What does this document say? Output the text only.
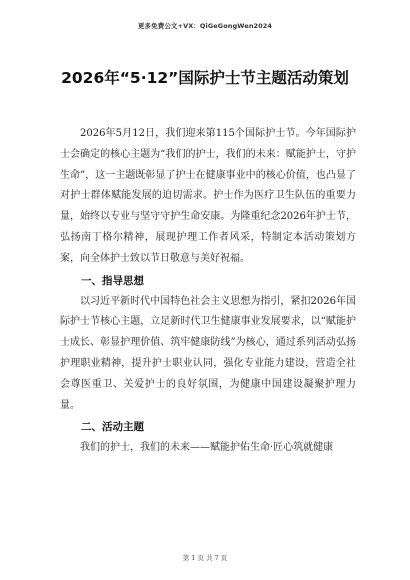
更多免费公文+VX：QiGeGongWen2024
2026年“5·12”国际护士节主题活动策划

2026年5月12日，我们迎来第115个国际护士节。今年国际护士会确定的核心主题为“我们的护士，我们的未来：赋能护士，守护生命”，这一主题既彰显了护士在健康事业中的核心价值，也凸显了对护士群体赋能发展的迫切需求。护士作为医疗卫生队伍的重要力量，始终以专业与坚守守护生命安康。为隆重纪念2026年护士节，弘扬南丁格尔精神，展现护理工作者风采，特制定本活动策划方案，向全体护士致以节日敬意与美好祝福。

一、指导思想

以习近平新时代中国特色社会主义思想为指引，紧扣2026年国际护士节核心主题，立足新时代卫生健康事业发展要求，以“赋能护士成长、彰显护理价值、筑牢健康防线”为核心，通过系列活动弘扬护理职业精神，提升护士职业认同，强化专业能力建设，营造全社会尊医重卫、关爱护士的良好氛围，为健康中国建设凝聚护理力量。

二、活动主题

我们的护士，我们的未来——赋能护佑生命·匠心筑就健康

第 1 页 共 7 页
